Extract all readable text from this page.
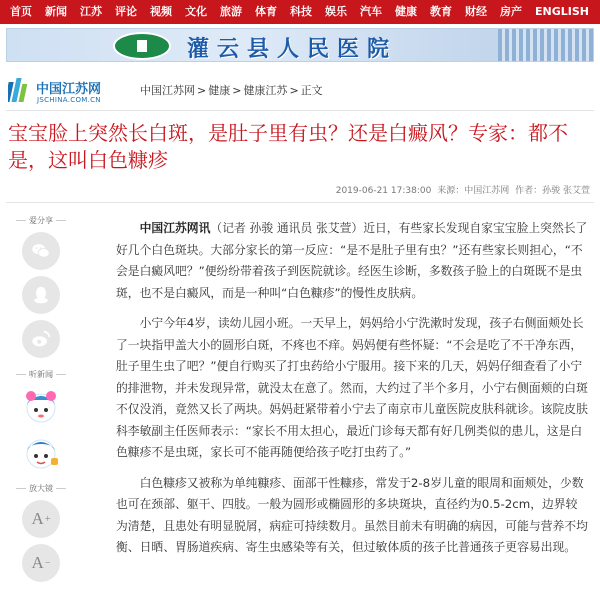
首页	新闻	江苏	评论	视频	文化	旅游	体育	科技	娱乐	汽车	健康	教育	财经	房产	ENGLISH
灌云县人民医院
中国江苏网
JSCHINA.COM.CN
中国江苏网 > 健康 > 健康江苏 > 正文
宝宝脸上突然长白斑，是肚子里有虫？还是白癜风？专家：都不是，这叫白色糠疹
2019-06-21 17:38:00 来源：中国江苏网 作者：孙骏 张艾萱
爱分享
听新闻
放大镜
A +
A −

中国江苏网讯（记者 孙骏 通讯员 张艾萱）近日，有些家长发现自家宝宝脸上突然长了好几个白色斑块。大部分家长的第一反应：“是不是肚子里有虫？”还有些家长则担心，“不会是白癜风吧？”便纷纷带着孩子到医院就诊。经医生诊断，多数孩子脸上的白斑既不是虫斑，也不是白癜风，而是一种叫“白色糠疹”的慢性皮肤病。

小宁今年4岁，读幼儿园小班。一天早上，妈妈给小宁洗漱时发现，孩子右侧面颊处长了一块指甲盖大小的圆形白斑，不疼也不痒。妈妈便有些怀疑：“不会是吃了不干净东西，肚子里生虫了吧？”便自行购买了打虫药给小宁服用。接下来的几天，妈妈仔细查看了小宁的排泄物，并未发现异常，就没太在意了。然而，大约过了半个多月，小宁右侧面颊的白斑不仅没消，竟然又长了两块。妈妈赶紧带着小宁去了南京市儿童医院皮肤科就诊。该院皮肤科李敏副主任医师表示：“家长不用太担心，最近门诊每天都有好几例类似的患儿，这是白色糠疹不是虫斑，家长可不能再随便给孩子吃打虫药了。”

白色糠疹又被称为单纯糠疹、面部干性糠疹，常发于2-8岁儿童的眼周和面颊处，少数也可在颈部、躯干、四肢。一般为圆形或椭圆形的多块斑块，直径约为0.5-2cm，边界较为清楚，且患处有明显脱屑，病症可持续数月。虽然目前未有明确的病因，可能与营养不均衡、日晒、胃肠道疾病、寄生虫感染等有关，但过敏体质的孩子比普通孩子更容易出现。
